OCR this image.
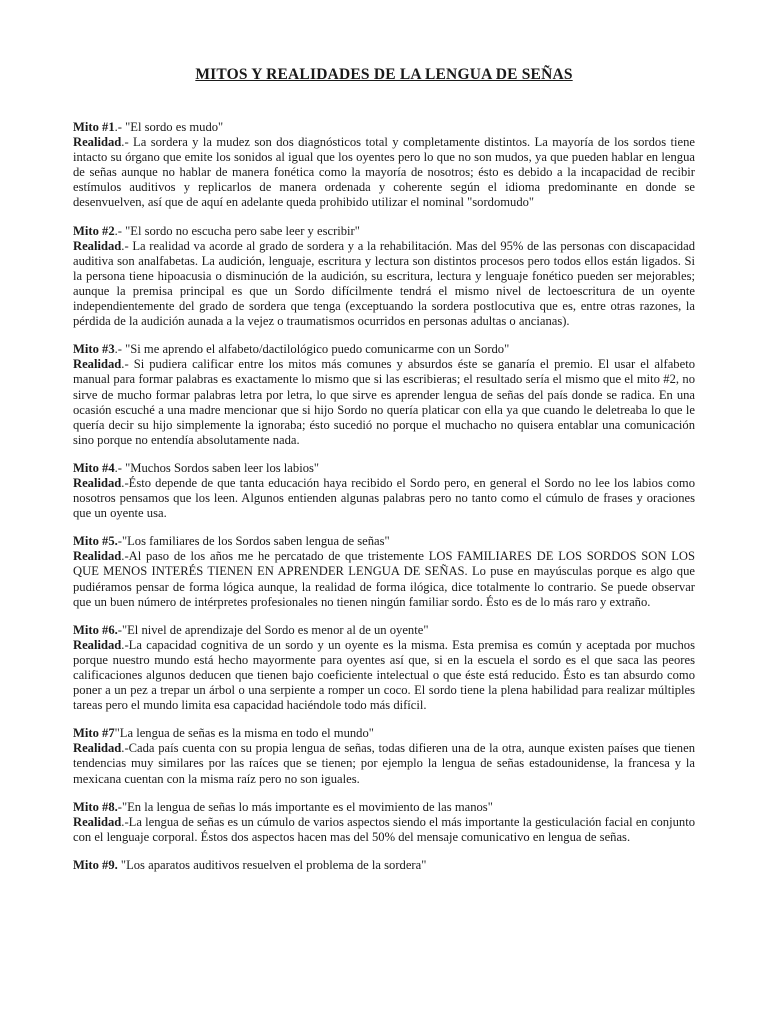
MITOS Y REALIDADES DE LA LENGUA DE SEÑAS

Mito #1.- "El sordo es mudo"

Realidad.- La sordera y la mudez son dos diagnósticos total y completamente distintos. La mayoría de los sordos tiene intacto su órgano que emite los sonidos al igual que los oyentes pero lo que no son mudos, ya que pueden hablar en lengua de señas aunque no hablar de manera fonética como la mayoría de nosotros; ésto es debido a la incapacidad de recibir estímulos auditivos y replicarlos de manera ordenada y coherente según el idioma predominante en donde se desenvuelven, así que de aquí en adelante queda prohibido utilizar el nominal "sordomudo"

Mito #2.- "El sordo no escucha pero sabe leer y escribir"

Realidad.- La realidad va acorde al grado de sordera y a la rehabilitación. Mas del 95% de las personas con discapacidad auditiva son analfabetas. La audición, lenguaje, escritura y lectura son distintos procesos pero todos ellos están ligados. Si la persona tiene hipoacusia o disminución de la audición, su escritura, lectura y lenguaje fonético pueden ser mejorables; aunque la premisa principal es que un Sordo difícilmente tendrá el mismo nivel de lectoescritura de un oyente independientemente del grado de sordera que tenga (exceptuando la sordera postlocutiva que es, entre otras razones, la pérdida de la audición aunada a la vejez o traumatismos ocurridos en personas adultas o ancianas).

Mito #3.- "Si me aprendo el alfabeto/dactilológico puedo comunicarme con un Sordo"

Realidad.- Si pudiera calificar entre los mitos más comunes y absurdos éste se ganaría el premio. El usar el alfabeto manual para formar palabras es exactamente lo mismo que si las escribieras; el resultado sería el mismo que el mito #2, no sirve de mucho formar palabras letra por letra, lo que sirve es aprender lengua de señas del país donde se radica. En una ocasión escuché a una madre mencionar que si hijo Sordo no quería platicar con ella ya que cuando le deletreaba lo que le quería decir su hijo simplemente la ignoraba; ésto sucedió no porque el muchacho no quisera entablar una comunicación sino porque no entendía absolutamente nada.

Mito #4.- "Muchos Sordos saben leer los labios"

Realidad.-Ésto depende de que tanta educación haya recibido el Sordo pero, en general el Sordo no lee los labios como nosotros pensamos que los leen. Algunos entienden algunas palabras pero no tanto como el cúmulo de frases y oraciones que un oyente usa.

Mito #5.-"Los familiares de los Sordos saben lengua de señas"

Realidad.-Al paso de los años me he percatado de que tristemente LOS FAMILIARES DE LOS SORDOS SON LOS QUE MENOS INTERÉS TIENEN EN APRENDER LENGUA DE SEÑAS. Lo puse en mayúsculas porque es algo que pudiéramos pensar de forma lógica aunque, la realidad de forma ilógica, dice totalmente lo contrario. Se puede observar que un buen número de intérpretes profesionales no tienen ningún familiar sordo. Ésto es de lo más raro y extraño.

Mito #6.-"El nivel de aprendizaje del Sordo es menor al de un oyente"

Realidad.-La capacidad cognitiva de un sordo y un oyente es la misma. Esta premisa es común y aceptada por muchos porque nuestro mundo está hecho mayormente para oyentes así que, si en la escuela el sordo es el que saca las peores calificaciones algunos deducen que tienen bajo coeficiente intelectual o que éste está reducido. Ésto es tan absurdo como poner a un pez a trepar un árbol o una serpiente a romper un coco. El sordo tiene la plena habilidad para realizar múltiples tareas pero el mundo limita esa capacidad haciéndole todo más difícil.

Mito #7"La lengua de señas es la misma en todo el mundo"

Realidad.-Cada país cuenta con su propia lengua de señas, todas difieren una de la otra, aunque existen países que tienen tendencias muy similares por las raíces que se tienen; por ejemplo la lengua de señas estadounidense, la francesa y la mexicana cuentan con la misma raíz pero no son iguales.

Mito #8.-"En la lengua de señas lo más importante es el movimiento de las manos"

Realidad.-La lengua de señas es un cúmulo de varios aspectos siendo el más importante la gesticulación facial en conjunto con el lenguaje corporal. Éstos dos aspectos hacen mas del 50% del mensaje comunicativo en lengua de señas.

Mito #9. "Los aparatos auditivos resuelven el problema de la sordera"
